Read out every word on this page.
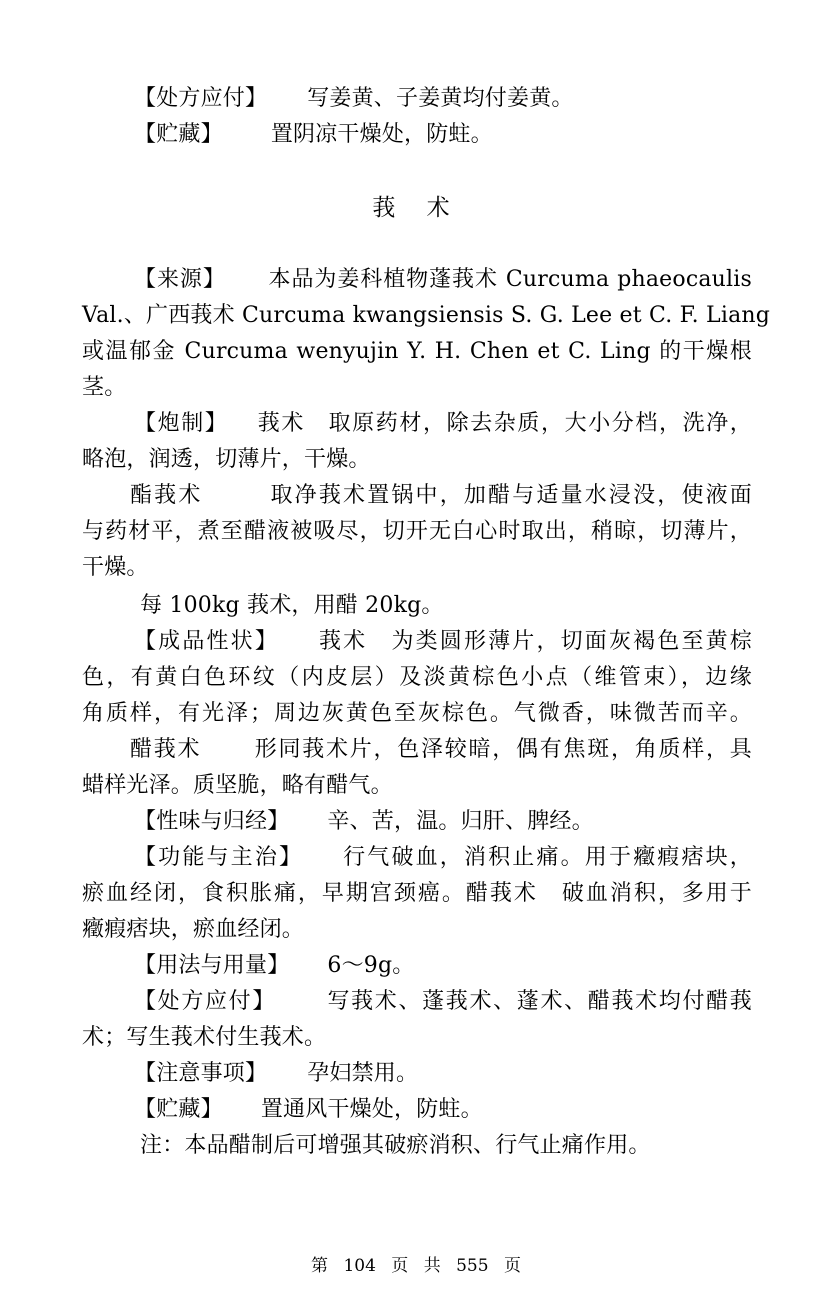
【处方应付】 写姜黄、子姜黄均付姜黄。
【贮藏】 置阴凉干燥处，防蛀。
莪 术
【来源】 本品为姜科植物蓬莪术 Curcuma phaeocaulis
Val.、广西莪术 Curcuma kwangsiensis S. G. Lee et C. F. Liang
或温郁金 Curcuma wenyujin Y. H. Chen et C. Ling 的干燥根
茎。
【炮制】 莪术　取原药材，除去杂质，大小分档，洗净，
略泡，润透，切薄片，干燥。
酯莪术	取净莪术置锅中，加醋与适量水浸没，使液面
与药材平，煮至醋液被吸尽，切开无白心时取出，稍晾，切薄片，
干燥。
每 100kg 莪术，用醋 20kg。
【成品性状】 莪术　为类圆形薄片，切面灰褐色至黄棕
色，有黄白色环纹（内皮层）及淡黄棕色小点（维管束），边缘
角质样，有光泽；周边灰黄色至灰棕色。气微香，味微苦而辛。
醋莪术 形同莪术片，色泽较暗，偶有焦斑，角质样，具
蜡样光泽。质坚脆，略有醋气。
【性味与归经】 辛、苦，温。归肝、脾经。
【功能与主治】 行气破血，消积止痛。用于癥瘕痞块，
瘀血经闭，食积胀痛，早期宫颈癌。醋莪术　破血消积，多用于
癥瘕痞块，瘀血经闭。
【用法与用量】 6～9g。
【处方应付】 写莪术、蓬莪术、蓬术、醋莪术均付醋莪
术；写生莪术付生莪术。
【注意事项】 孕妇禁用。
【贮藏】 置通风干燥处，防蛀。
注：本品醋制后可增强其破瘀消积、行气止痛作用。
第 104 页 共 555 页
